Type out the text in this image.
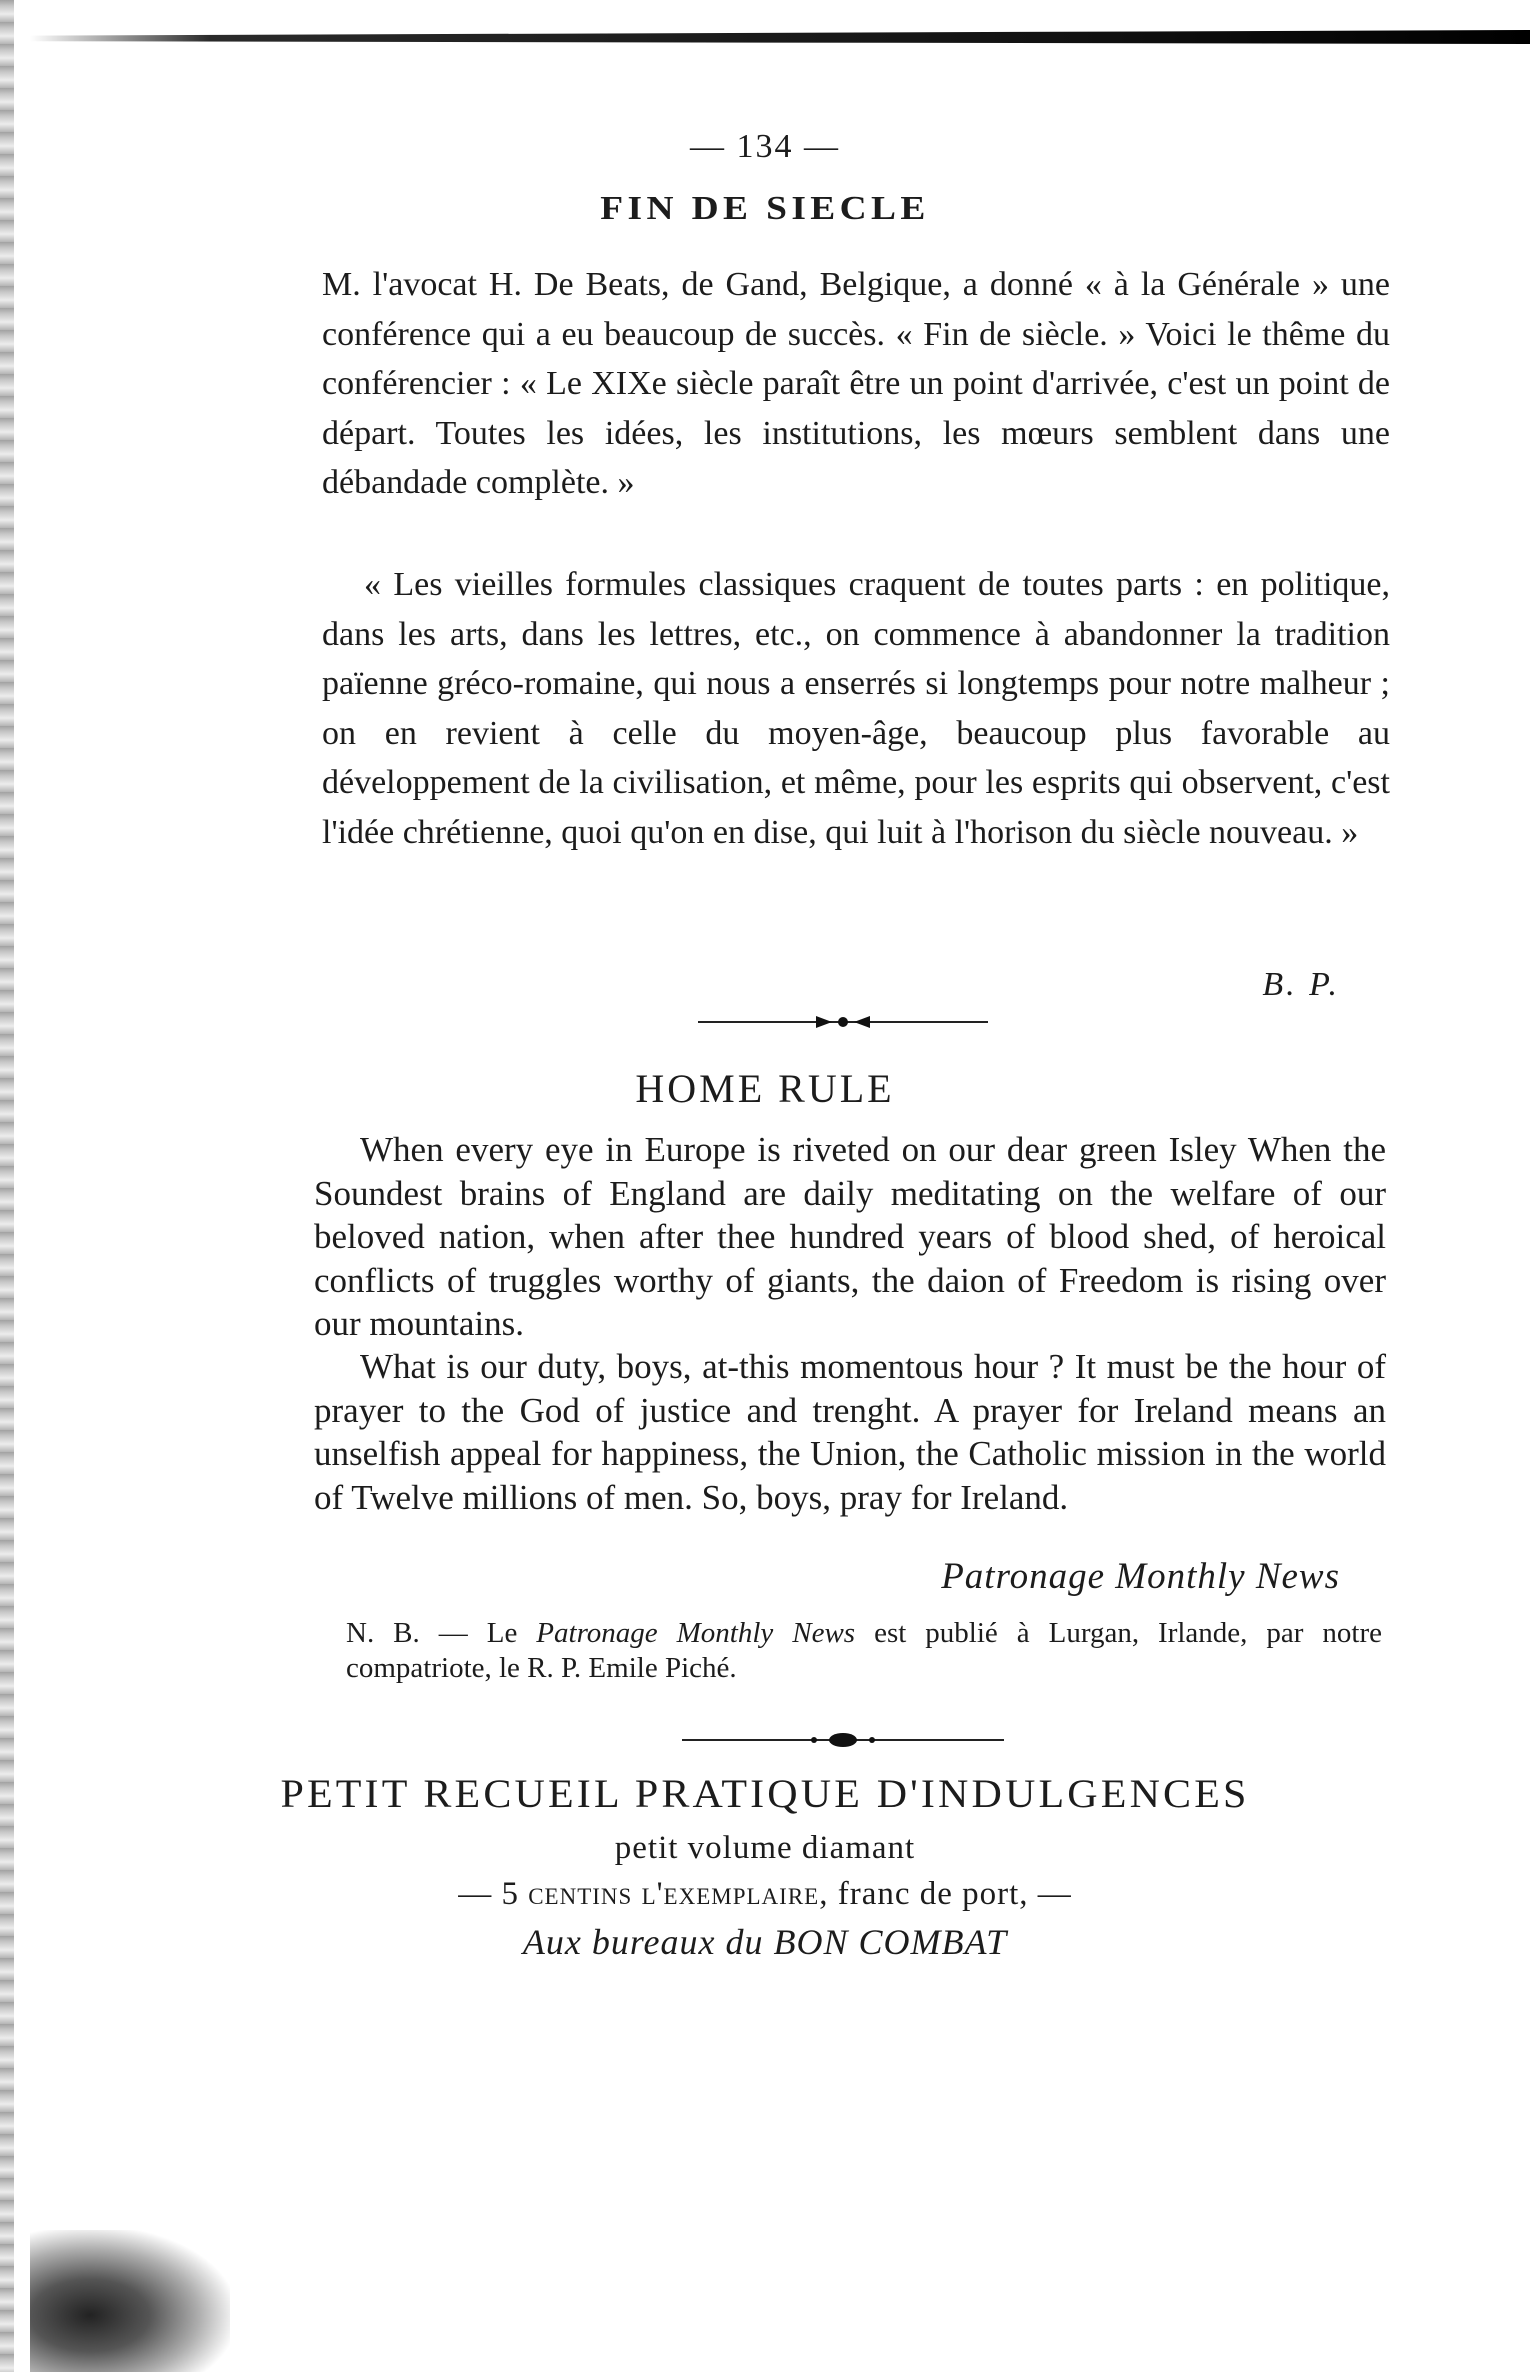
— 134 —
FIN DE SIECLE

M. l'avocat H. De Beats, de Gand, Belgique, a donné « à la Générale » une conférence qui a eu beaucoup de succès. « Fin de siècle. » Voici le thême du conférencier : « Le XIXe siècle paraît être un point d'arrivée, c'est un point de départ. Toutes les idées, les institutions, les mœurs semblent dans une débandade complète. »

« Les vieilles formules classiques craquent de toutes parts : en politique, dans les arts, dans les lettres, etc., on commence à abandonner la tradition païenne gréco-romaine, qui nous a enserrés si longtemps pour notre malheur ; on en revient à celle du moyen-âge, beaucoup plus favorable au développement de la civilisation, et même, pour les esprits qui observent, c'est l'idée chrétienne, quoi qu'on en dise, qui luit à l'horison du siècle nouveau. »

B. P.
HOME RULE

When every eye in Europe is riveted on our dear green Isley When the Soundest brains of England are daily meditating on the welfare of our beloved nation, when after thee hundred years of blood shed, of heroical conflicts of truggles worthy of giants, the daion of Freedom is rising over our mountains.

What is our duty, boys, at-this momentous hour ? It must be the hour of prayer to the God of justice and trenght. A prayer for Ireland means an unselfish appeal for happiness, the Union, the Catholic mission in the world of Twelve millions of men. So, boys, pray for Ireland.

Patronage Monthly News

N. B. — Le Patronage Monthly News est publié à Lurgan, Irlande, par notre compatriote, le R. P. Emile Piché.

PETIT RECUEIL PRATIQUE D'INDULGENCES
petit volume diamant
— 5 centins l'exemplaire, franc de port, —
Aux bureaux du BON COMBAT
